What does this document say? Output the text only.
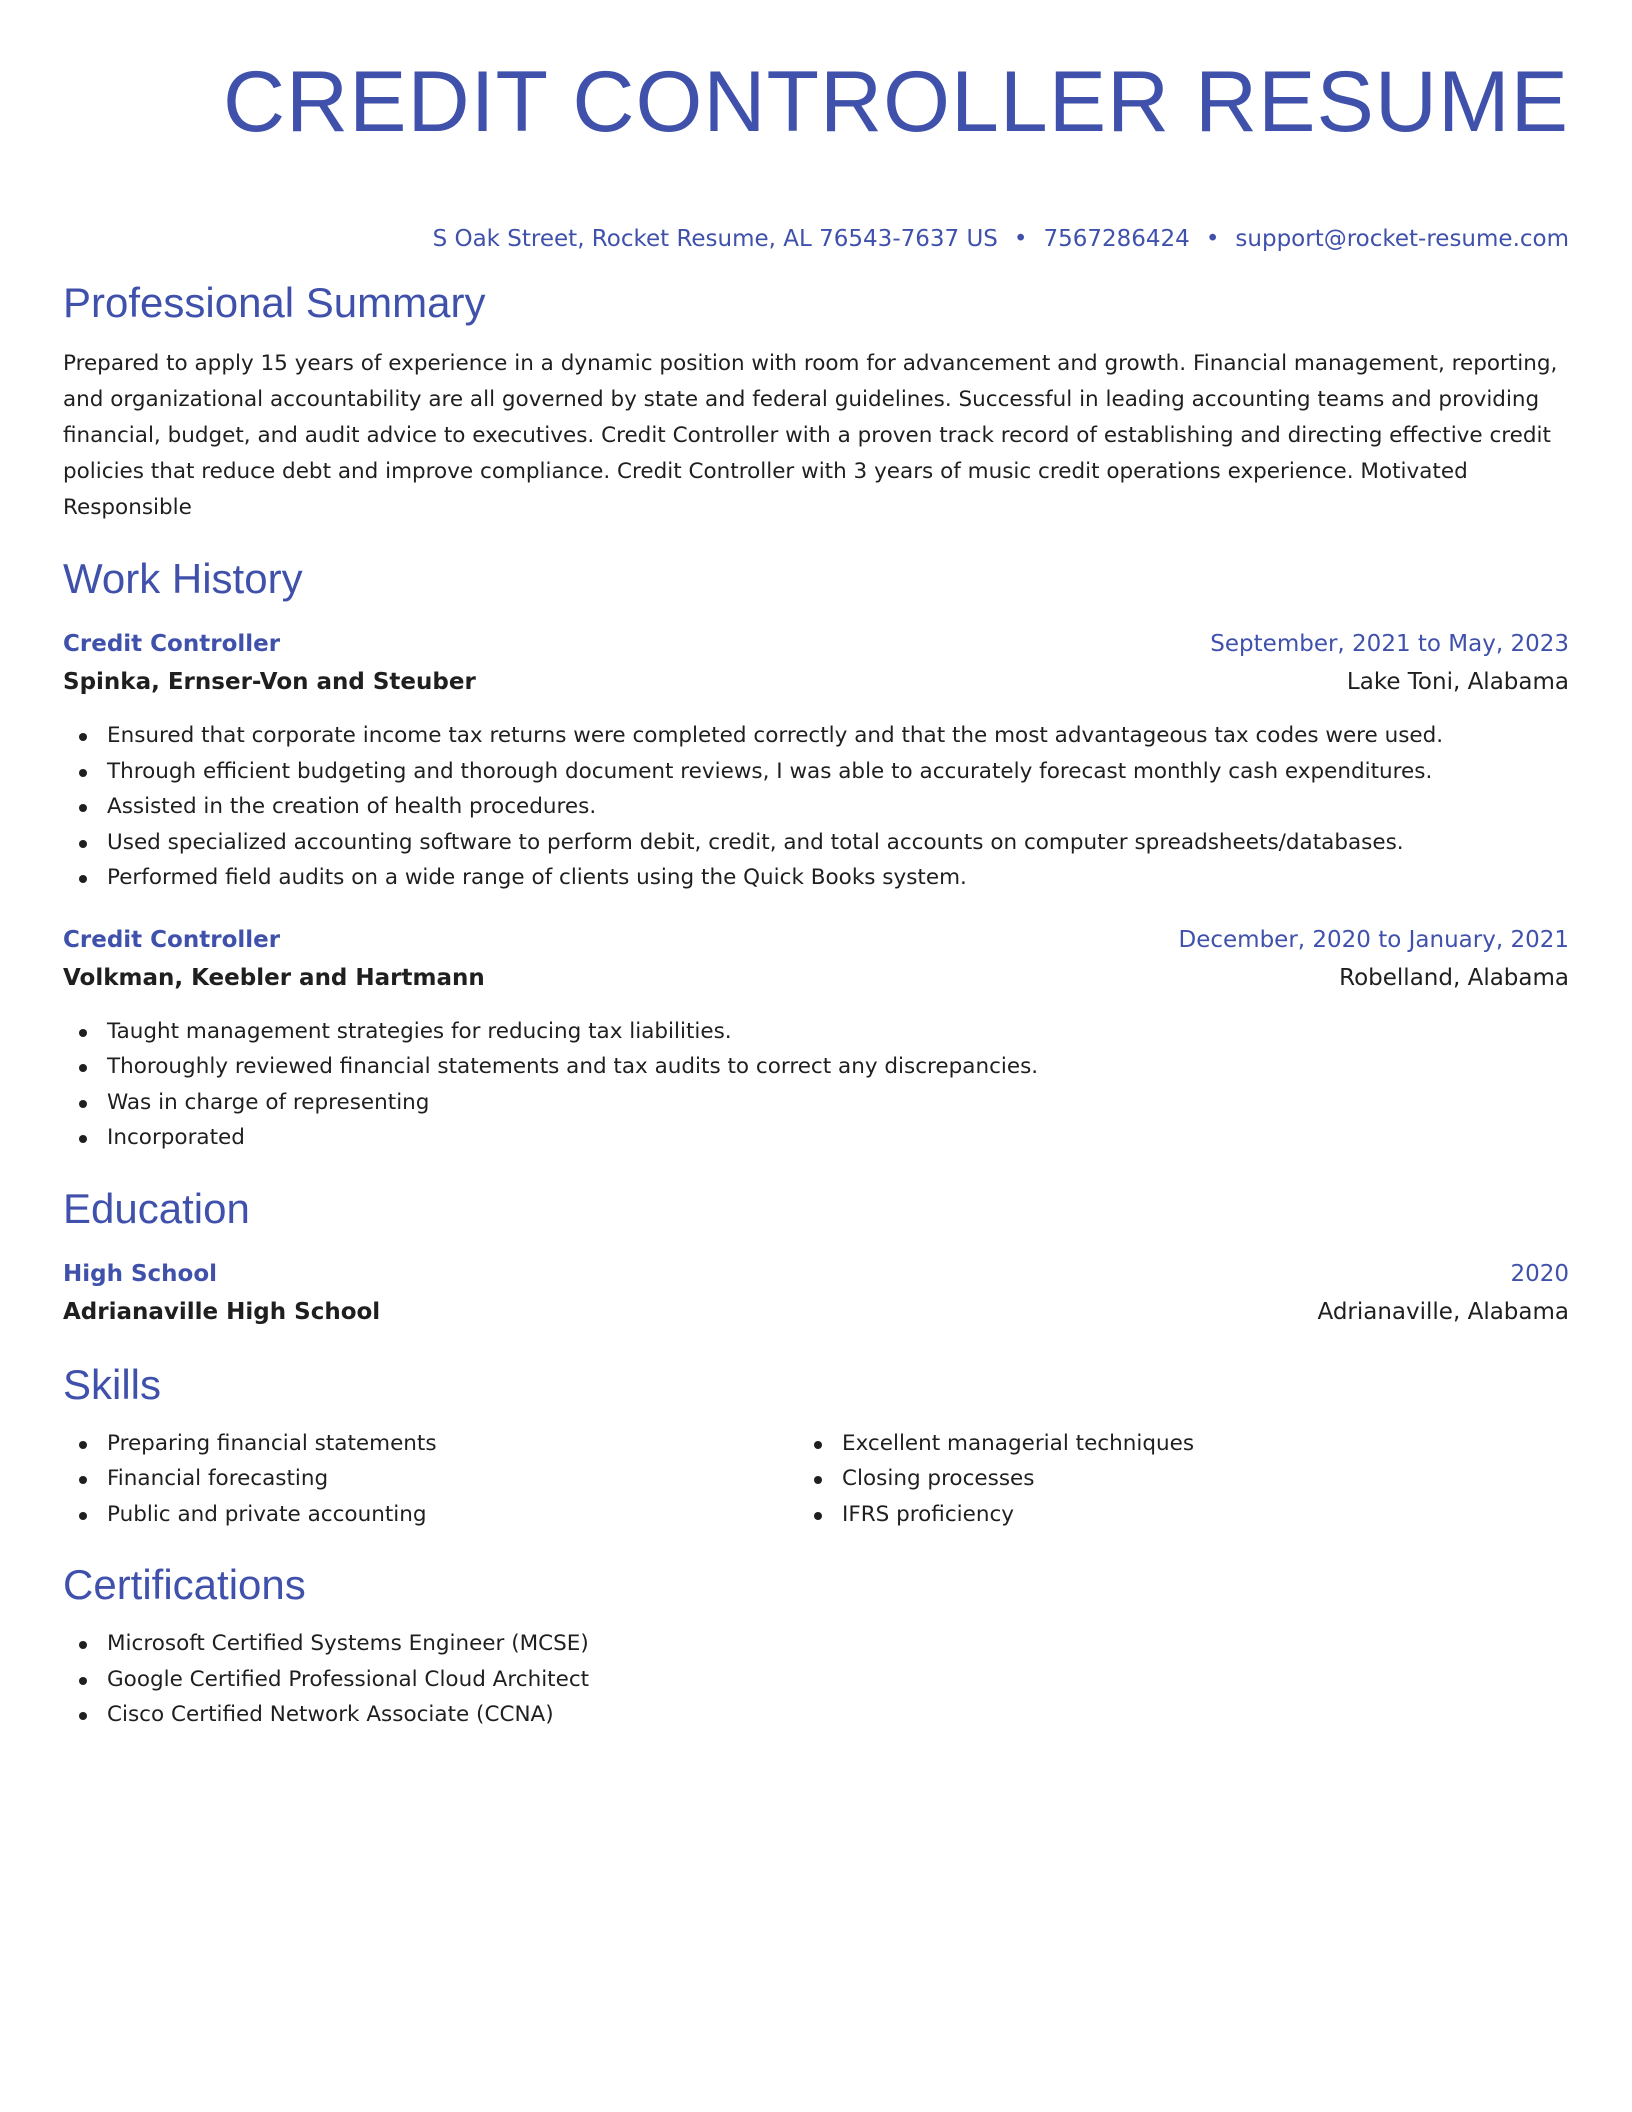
CREDIT CONTROLLER RESUME
S Oak Street, Rocket Resume, AL 76543-7637 US • 7567286424 • support@rocket-resume.com
Professional Summary

Prepared to apply 15 years of experience in a dynamic position with room for advancement and growth. Financial management, reporting, and organizational accountability are all governed by state and federal guidelines. Successful in leading accounting teams and providing financial, budget, and audit advice to executives. Credit Controller with a proven track record of establishing and directing effective credit policies that reduce debt and improve compliance. Credit Controller with 3 years of music credit operations experience. Motivated Responsible

Work History
Credit Controller	September, 2021 to May, 2023
Spinka, Ernser-Von and Steuber	Lake Toni, Alabama
Ensured that corporate income tax returns were completed correctly and that the most advantageous tax codes were used.
Through efficient budgeting and thorough document reviews, I was able to accurately forecast monthly cash expenditures.
Assisted in the creation of health procedures.
Used specialized accounting software to perform debit, credit, and total accounts on computer spreadsheets/databases.
Performed field audits on a wide range of clients using the Quick Books system.
Credit Controller	December, 2020 to January, 2021
Volkman, Keebler and Hartmann	Robelland, Alabama
Taught management strategies for reducing tax liabilities.
Thoroughly reviewed financial statements and tax audits to correct any discrepancies.
Was in charge of representing
Incorporated
Education
High School	2020
Adrianaville High School	Adrianaville, Alabama
Skills
Preparing financial statements
Financial forecasting
Public and private accounting
Excellent managerial techniques
Closing processes
IFRS proficiency
Certifications
Microsoft Certified Systems Engineer (MCSE)
Google Certified Professional Cloud Architect
Cisco Certified Network Associate (CCNA)
